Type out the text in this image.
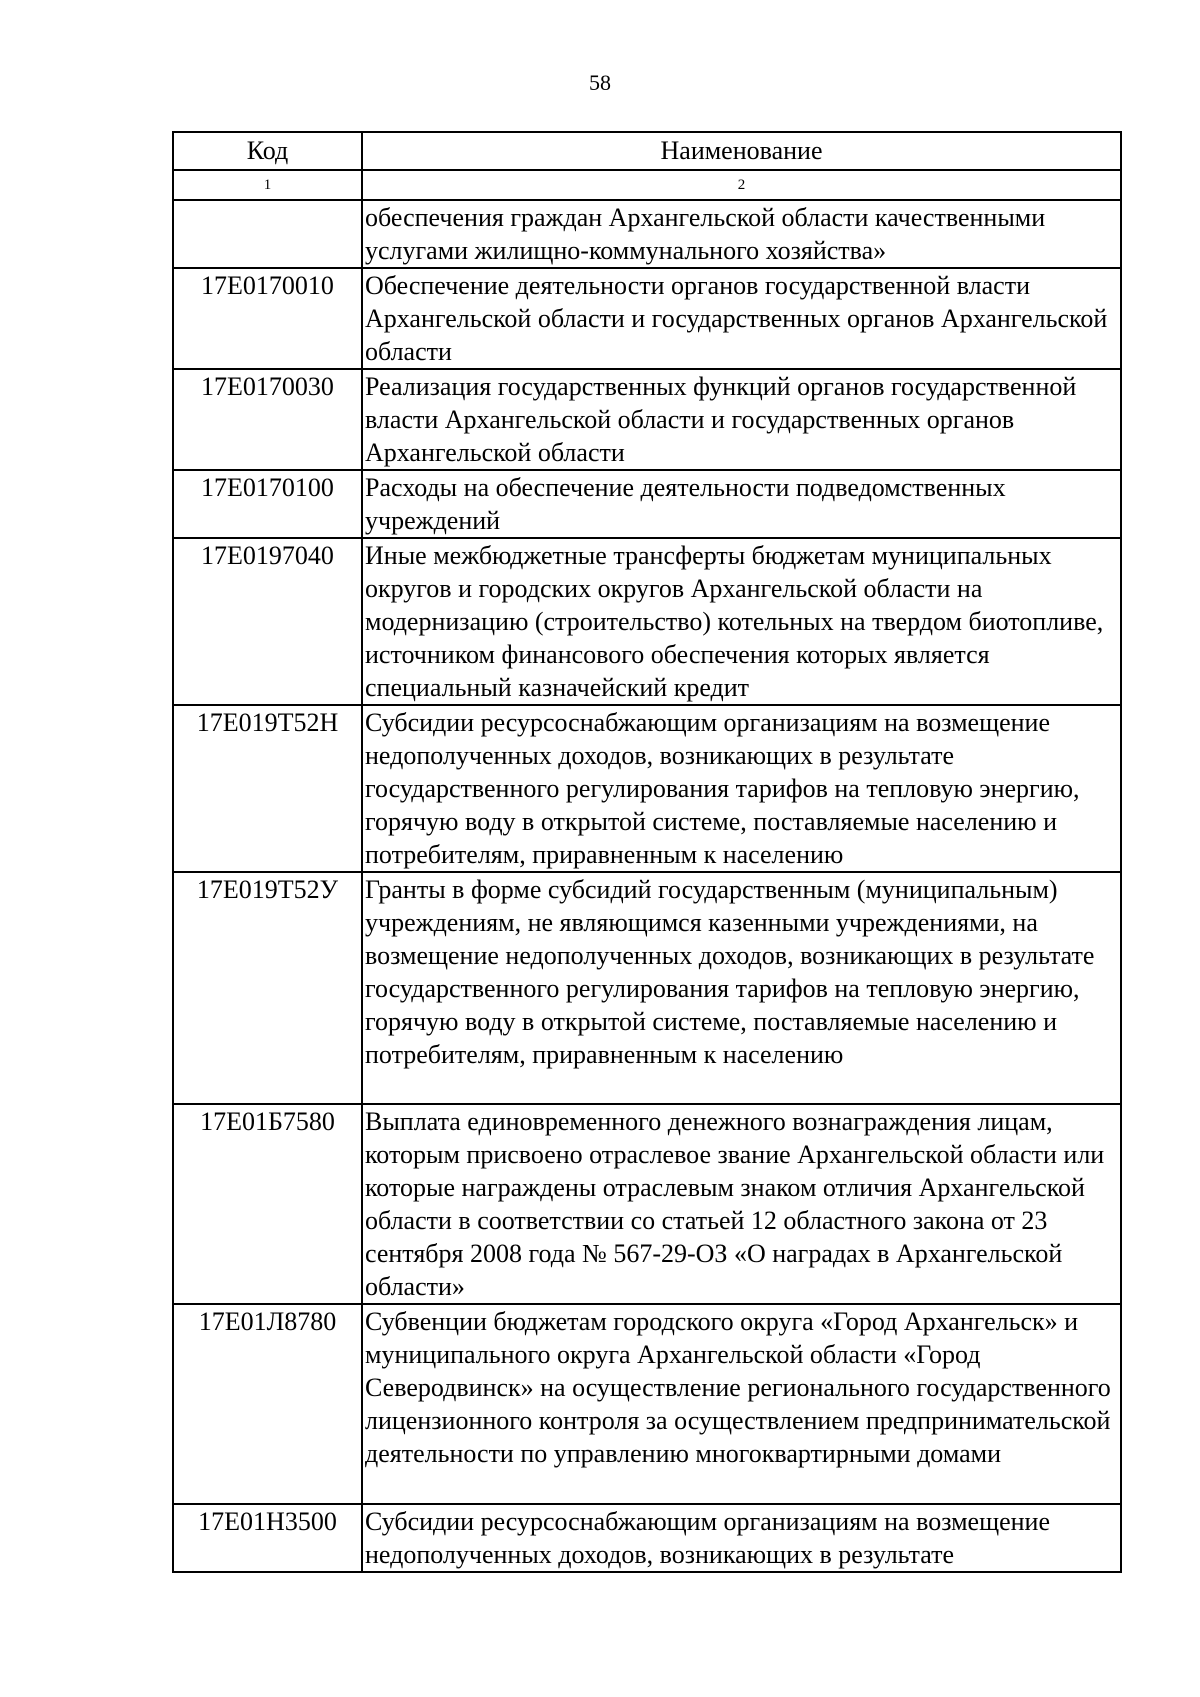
58
Код	Наименование
1	2
	обеспечения граждан Архангельской области качественными услугами жилищно-коммунального хозяйства»
17Е0170010	Обеспечение деятельности органов государственной власти Архангельской области и государственных органов Архангельской области
17Е0170030	Реализация государственных функций органов государственной власти Архангельской области и государственных органов Архангельской области
17Е0170100	Расходы на обеспечение деятельности подведомственных учреждений
17Е0197040	Иные межбюджетные трансферты бюджетам муниципальных округов и городских округов Архангельской области на модернизацию (строительство) котельных на твердом биотопливе, источником финансового обеспечения которых является специальный казначейский кредит
17Е019Т52Н	Субсидии ресурсоснабжающим организациям на возмещение недополученных доходов, возникающих в результате государственного регулирования тарифов на тепловую энергию, горячую воду в открытой системе, поставляемые населению и потребителям, приравненным к населению
17Е019Т52У	Гранты в форме субсидий государственным (муниципальным) учреждениям, не являющимся казенными учреждениями, на возмещение недополученных доходов, возникающих в результате государственного регулирования тарифов на тепловую энергию, горячую воду в открытой системе, поставляемые населению и потребителям, приравненным к населению
17Е01Б7580	Выплата единовременного денежного вознаграждения лицам, которым присвоено отраслевое звание Архангельской области или которые награждены отраслевым знаком отличия Архангельской области в соответствии со статьей 12 областного закона от 23 сентября 2008 года № 567-29-ОЗ «О наградах в Архангельской области»
17Е01Л8780	Субвенции бюджетам городского округа «Город Архангельск» и муниципального округа Архангельской области «Город Северодвинск» на осуществление регионального государственного лицензионного контроля за осуществлением предпринимательской деятельности по управлению многоквартирными домами
17Е01Н3500	Субсидии ресурсоснабжающим организациям на возмещение недополученных доходов, возникающих в результате
